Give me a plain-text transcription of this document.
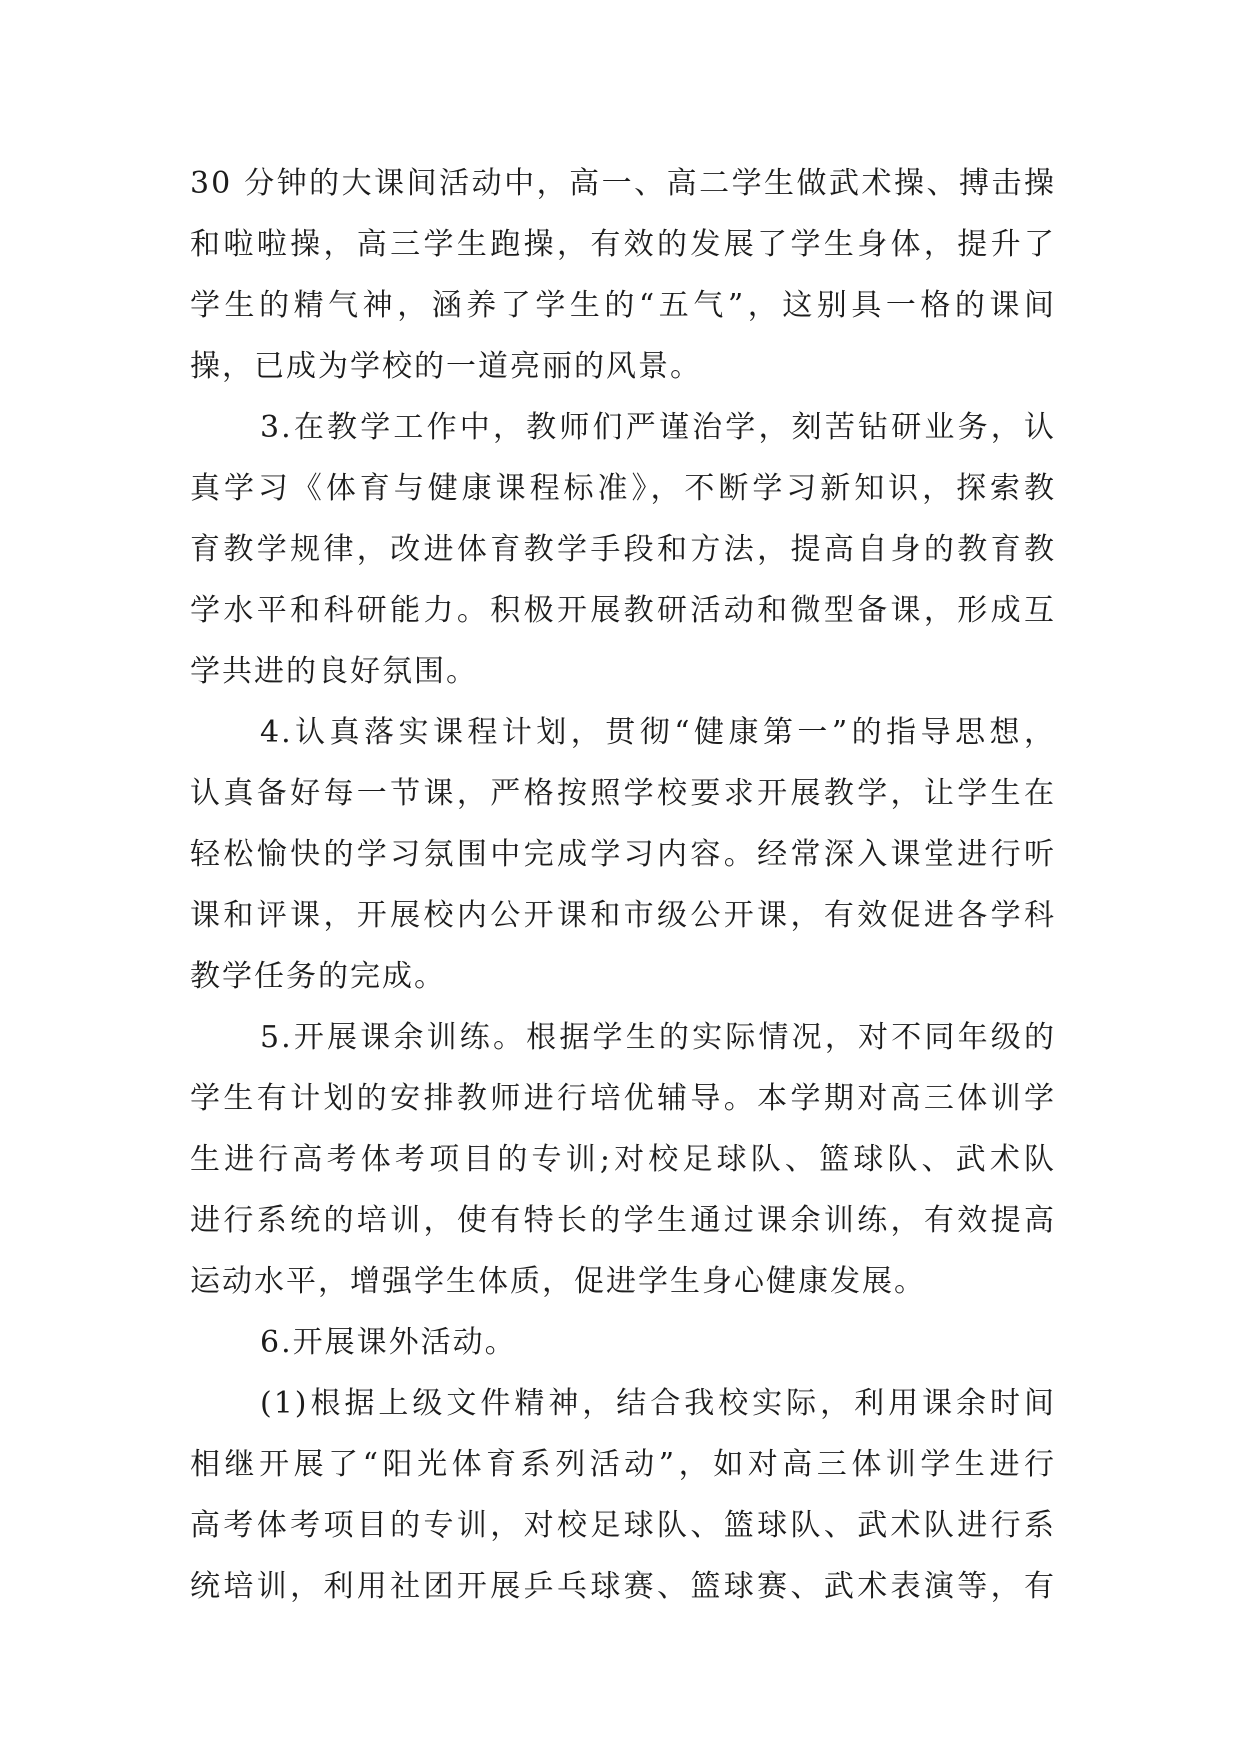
30 分钟的大课间活动中，高一、高二学生做武术操、搏击操
和啦啦操，高三学生跑操，有效的发展了学生身体，提升了
学生的精气神，涵养了学生的“五气”，这别具一格的课间
操，已成为学校的一道亮丽的风景。
3.在教学工作中，教师们严谨治学，刻苦钻研业务，认
真学习《体育与健康课程标准》，不断学习新知识，探索教
育教学规律，改进体育教学手段和方法，提高自身的教育教
学水平和科研能力。积极开展教研活动和微型备课，形成互
学共进的良好氛围。
4.认真落实课程计划，贯彻“健康第一”的指导思想，
认真备好每一节课，严格按照学校要求开展教学，让学生在
轻松愉快的学习氛围中完成学习内容。经常深入课堂进行听
课和评课，开展校内公开课和市级公开课，有效促进各学科
教学任务的完成。
5.开展课余训练。根据学生的实际情况，对不同年级的
学生有计划的安排教师进行培优辅导。本学期对高三体训学
生进行高考体考项目的专训;对校足球队、篮球队、武术队
进行系统的培训，使有特长的学生通过课余训练，有效提高
运动水平，增强学生体质，促进学生身心健康发展。
6.开展课外活动。
(1)根据上级文件精神，结合我校实际，利用课余时间
相继开展了“阳光体育系列活动”，如对高三体训学生进行
高考体考项目的专训，对校足球队、篮球队、武术队进行系
统培训，利用社团开展乒乓球赛、篮球赛、武术表演等，有
